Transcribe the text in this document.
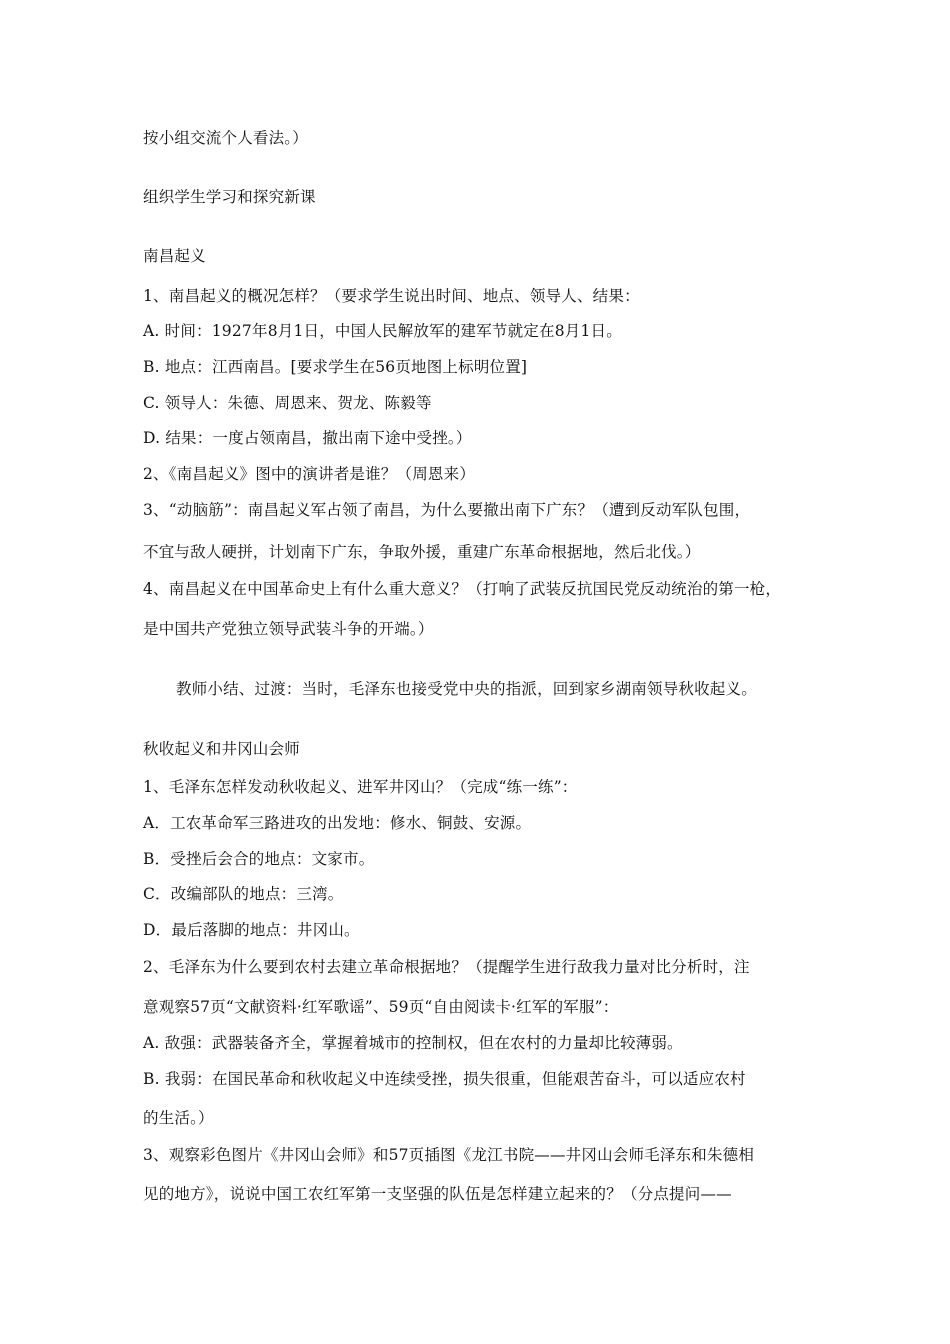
按小组交流个人看法。）
组织学生学习和探究新课
南昌起义
1、南昌起义的概况怎样？（要求学生说出时间、地点、领导人、结果：
A. 时间：1927年8月1日，中国人民解放军的建军节就定在8月1日。
B. 地点：江西南昌。[要求学生在56页地图上标明位置]
C. 领导人：朱德、周恩来、贺龙、陈毅等
D. 结果：一度占领南昌，撤出南下途中受挫。）
2、《南昌起义》图中的演讲者是谁？（周恩来）
3、“动脑筋”：南昌起义军占领了南昌，为什么要撤出南下广东？（遭到反动军队包围，
不宜与敌人硬拼，计划南下广东，争取外援，重建广东革命根据地，然后北伐。）
4、南昌起义在中国革命史上有什么重大意义？（打响了武装反抗国民党反动统治的第一枪，
是中国共产党独立领导武装斗争的开端。）
教师小结、过渡：当时，毛泽东也接受党中央的指派，回到家乡湖南领导秋收起义。
秋收起义和井冈山会师
1、毛泽东怎样发动秋收起义、进军井冈山？（完成“练一练”：
A．工农革命军三路进攻的出发地：修水、铜鼓、安源。
B．受挫后会合的地点：文家市。
C．改编部队的地点：三湾。
D．最后落脚的地点：井冈山。
2、毛泽东为什么要到农村去建立革命根据地？（提醒学生进行敌我力量对比分析时，注
意观察57页“文献资料·红军歌谣”、59页“自由阅读卡·红军的军服”：
A. 敌强：武器装备齐全，掌握着城市的控制权，但在农村的力量却比较薄弱。
B. 我弱：在国民革命和秋收起义中连续受挫，损失很重，但能艰苦奋斗，可以适应农村
的生活。）
3、观察彩色图片《井冈山会师》和57页插图《龙江书院——井冈山会师毛泽东和朱德相
见的地方》，说说中国工农红军第一支坚强的队伍是怎样建立起来的？（分点提问——
